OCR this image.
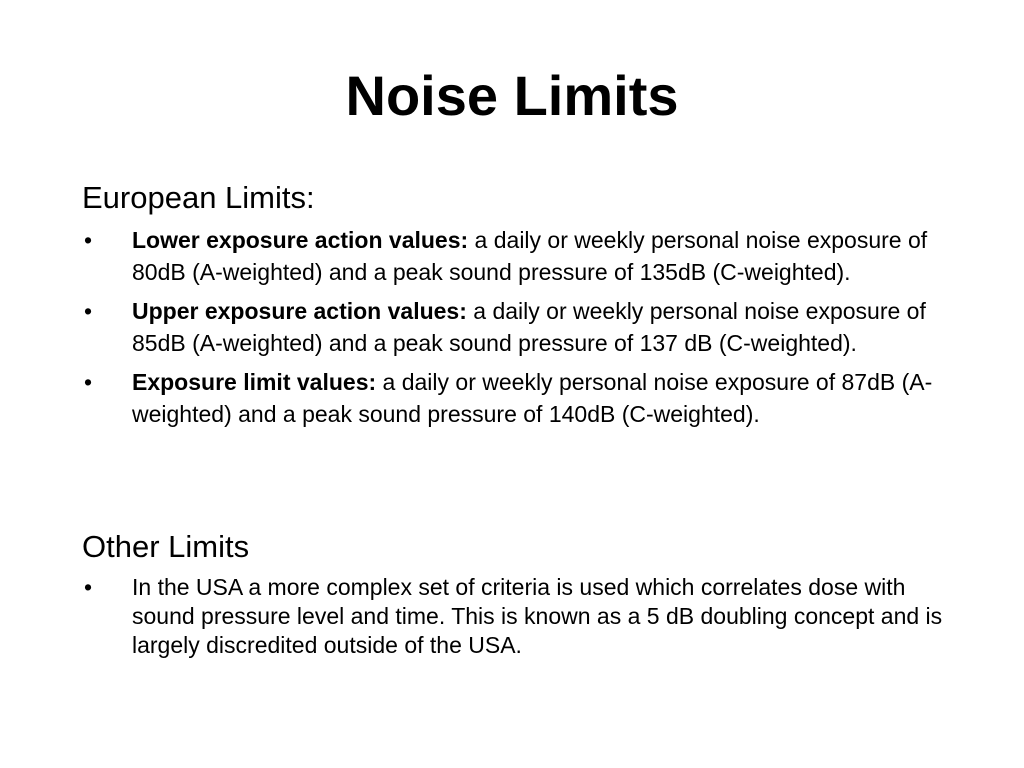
Noise Limits
European Limits:
• Lower exposure action values: a daily or weekly personal noise exposure of 80dB (A-weighted) and a peak sound pressure of 135dB (C-weighted).
• Upper exposure action values: a daily or weekly personal noise exposure of 85dB (A-weighted) and a peak sound pressure of 137 dB (C-weighted).
• Exposure limit values: a daily or weekly personal noise exposure of 87dB (A-weighted) and a peak sound pressure of 140dB (C-weighted).
Other Limits
• In the USA a more complex set of criteria is used which correlates dose with sound pressure level and time. This is known as a 5 dB doubling concept and is largely discredited outside of the USA.
